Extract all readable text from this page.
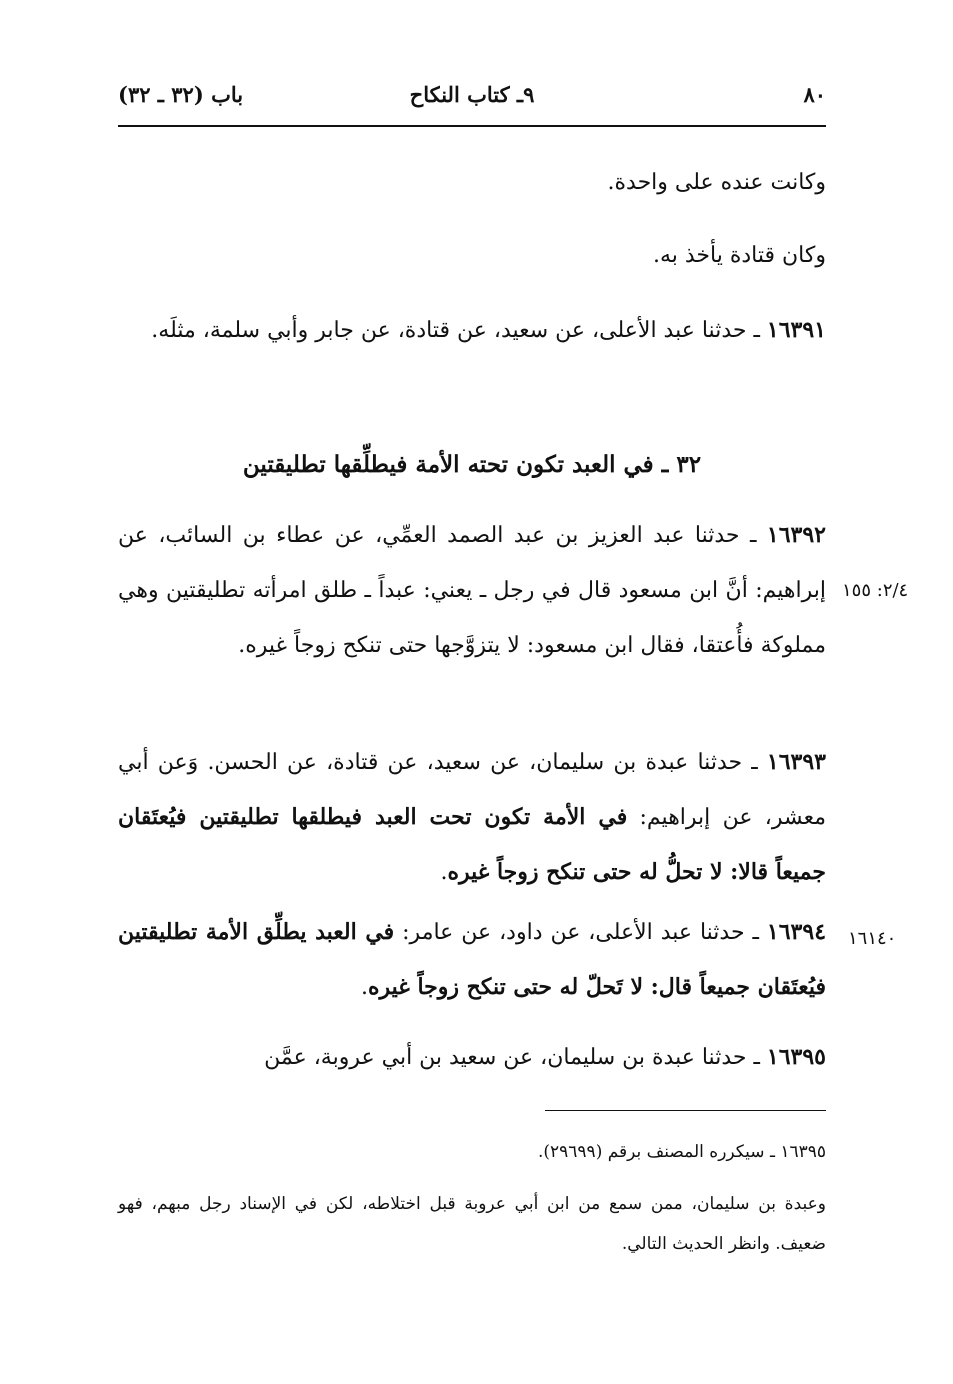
٨٠
٩ـ كتاب النكاح
باب (٣٢ ـ ٣٢)
وكانت عنده على واحدة.
وكان قتادة يأخذ به.
١٦٣٩١ ـ حدثنا عبد الأعلى، عن سعيد، عن قتادة، عن جابر وأبي سلمة، مثلَه.
٣٢ ـ في العبد تكون تحته الأمة فيطلِّقها تطليقتين
١٦٣٩٢ ـ حدثنا عبد العزيز بن عبد الصمد العمِّي، عن عطاء بن السائب، عن إبراهيم: أنَّ ابن مسعود قال في رجل ـ يعني: عبداً ـ طلق امرأته تطليقتين وهي مملوكة فأُعتقا، فقال ابن مسعود: لا يتزوَّجها حتى تنكح زوجاً غيره.
١٦٣٩٣ ـ حدثنا عبدة بن سليمان، عن سعيد، عن قتادة، عن الحسن. وَعن أبي معشر، عن إبراهيم: في الأمة تكون تحت العبد فيطلقها تطليقتين فيُعتَقان جميعاً قالا: لا تحلُّ له حتى تنكح زوجاً غيره.
١٦٣٩٤ ـ حدثنا عبد الأعلى، عن داود، عن عامر: في العبد يطلِّق الأمة تطليقتين فيُعتَقان جميعاً قال: لا تَحلّ له حتى تنكح زوجاً غيره.
١٦٣٩٥ ـ حدثنا عبدة بن سليمان، عن سعيد بن أبي عروبة، عمَّن
٢/٤: ١٥٥
١٦١٤٠
١٦٣٩٥ ـ سيكرره المصنف برقم (٢٩٦٩٩).
وعبدة بن سليمان، ممن سمع من ابن أبي عروبة قبل اختلاطه، لكن في الإسناد رجل مبهم، فهو ضعيف. وانظر الحديث التالي.
